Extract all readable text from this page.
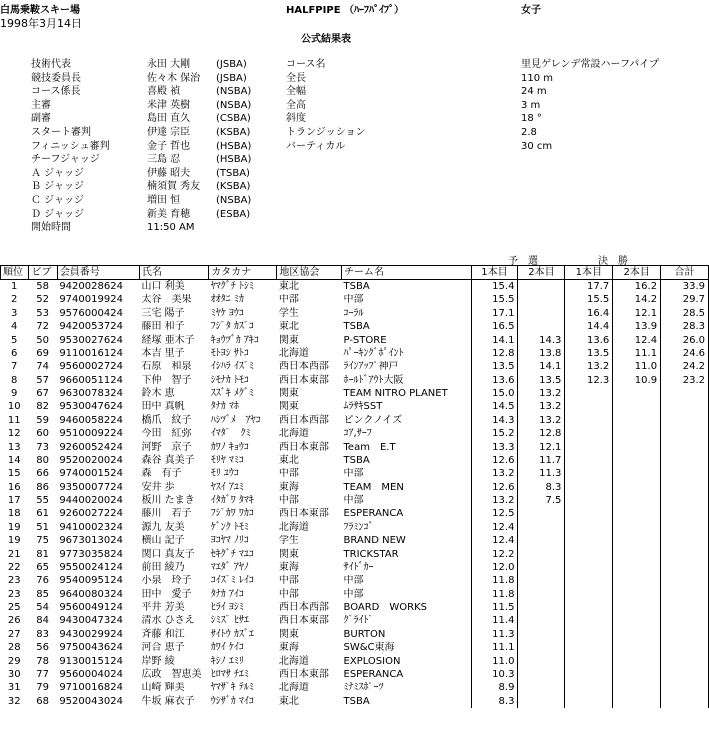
白馬乗鞍スキー場
1998年3月14日
HALFPIPE （ﾊｰﾌﾊﾟｲﾌﾟ）	女子
公式結果表
技術代表	永田 大剛	(JSBA)
競技委員長	佐々木 保治 (JSBA)
コース係長	喜殿 禎	(NSBA)
主審	米津 英樹	(NSBA)
副審	島田 直久	(CSBA)
スタート審判	伊達 宗臣	(KSBA)
フィニッシュ審判	金子 哲也	(HSBA)
チーフジャッジ	三島 忍	(HSBA)
Ａ ジャッジ	伊藤 昭夫	(TSBA)
Ｂ ジャッジ	楠須賀 秀友 (KSBA)
Ｃ ジャッジ	増田 恒	(NSBA)
Ｄ ジャッジ	新美 育穂	(ESBA)
開始時間	11:50 AM
コース名	里見ゲレンデ常設ハーフパイプ
全長	110 m
全幅	24 m
全高	3 m
斜度	18 °
トランジッション	2.8
バーティカル	30 cm
予　選	決　勝
順位	ビブ	会員番号	氏名	カタカナ	地区協会	チーム名	1本目	2本目	1本目	2本目	合計
1	58	9420028624	山口 利美	ﾔﾏｸﾞﾁ ﾄｼﾐ	東北	TSBA	15.4		17.7	16.2	33.9
2	52	9740019924	太谷　美果	ｵｵﾀﾆ ﾐｶ	中部	中部	15.5		15.5	14.2	29.7
3	53	9576000424	三宅 陽子	ﾐﾔｹ ﾖｳｺ	学生	ｺｰﾗﾙ	17.1		16.4	12.1	28.5
4	72	9420053724	藤田 和子	ﾌｼﾞﾀ ｶｽﾞｺ	東北	TSBA	16.5		14.4	13.9	28.3
5	50	9530027624	経塚 亜木子	ｷｮｳﾂﾞｶ ｱｷｺ	関東	P-STORE	14.1	14.3	13.6	12.4	26.0
6	69	9110016124	本吉 里子	ﾓﾄﾖｼ ｻﾄｺ	北海道	ﾊﾟｰｷﾝｸﾞﾎﾟｲﾝﾄ	12.8	13.8	13.5	11.1	24.6
7	74	9560002724	石原　和泉	ｲｼﾊﾗ ｲｽﾞﾐ	西日本西部	ﾗｲﾝｱｯﾌﾟ神戸	13.5	14.1	13.2	11.0	24.2
8	57	9660051124	下仲　智子	ｼﾓﾅｶ ﾄﾓｺ	西日本東部	ﾎｰﾙﾄﾞｱｳﾄ大阪	13.6	13.5	12.3	10.9	23.2
9	67	9630078324	鈴木 恵	ｽｽﾞｷ ﾒｸﾞﾐ	関東	TEAM NITRO PLANET	15.0	13.2			
10	82	9530047624	田中 真帆	ﾀﾅｶ ﾏﾎ	関東	ﾑﾗｻｷSST	14.5	13.2			
11	59	9460058224	橋爪　紋子	ﾊｼﾂﾞﾒ　ｱﾔｺ	西日本西部	ピンクノイズ	14.3	13.2			
12	60	9510009224	今田　紅弥	ｲﾏﾀﾞ　ｸﾐ	北海道	ｺｱ,ｻｰﾌ	15.2	12.8			
13	73	9260052424	河野　京子	ｶﾜﾉ ｷｮｳｺ	西日本東部	Team　E.T	13.3	12.1			
14	80	9520020024	森谷 真美子	ﾓﾘﾔ ﾏﾐｺ	東北	TSBA	12.6	11.7			
15	66	9740001524	森　有子	ﾓﾘ ﾕｳｺ	中部	中部	13.2	11.3			
16	86	9350007724	安井 歩	ﾔｽｲ ｱﾕﾐ	東海	TEAM　MEN	12.6	8.3			
17	55	9440020024	板川 たまき	ｲﾀｶﾞﾜ ﾀﾏｷ	中部	中部	13.2	7.5			
18	61	9260027224	藤川　若子	ﾌｼﾞｶﾜ ﾜｶｺ	西日本東部	ESPERANCA	12.5				
19	51	9410002324	源九 友美	ｹﾞﾝｸ ﾄﾓﾐ	北海道	ﾌﾗﾐﾝｺﾞ	12.4				
19	75	9673013024	横山 記子	ﾖｺﾔﾏ ﾉﾘｺ	学生	BRAND NEW	12.4				
21	81	9773035824	関口 真友子	ｾｷｸﾞﾁ ﾏﾕｺ	関東	TRICKSTAR	12.2				
22	65	9550024124	前田 綾乃	ﾏｴﾀﾞ ｱﾔﾉ	東海	ｻｲﾄﾞｶｰ	12.0				
23	76	9540095124	小泉　玲子	ｺｲｽﾞﾐ ﾚｲｺ	中部	中部	11.8				
23	85	9640080324	田中　愛子	ﾀﾅｶ ｱｲｺ	中部	中部	11.8				
25	54	9560049124	平井 芳美	ﾋﾗｲ ﾖｼﾐ	西日本西部	BOARD　WORKS	11.5				
26	84	9430047324	清水 ひさえ	ｼﾐｽﾞ ﾋｻｴ	西日本東部	ｸﾞﾗｲﾄﾞ	11.4				
27	83	9430029924	斉藤 和江	ｻｲﾄｳ ｶｽﾞｴ	関東	BURTON	11.3				
28	56	9750043624	河合 恵子	ｶﾜｲ ｹｲｺ	東海	SW&C東海	11.1				
29	78	9130015124	岸野 綾	ｷｼﾉ ｴﾐﾘ	北海道	EXPLOSION	11.0				
30	77	9560004024	広政　智恵美	ﾋﾛﾏｻ ﾁｴﾐ	西日本東部	ESPERANCA	10.3				
31	79	9710016824	山崎 輝美	ﾔﾏｻﾞｷ ﾃﾙﾐ	北海道	ﾐﾅﾐｽﾎﾟｰﾂ	8.9				
32	68	9520043024	牛坂 麻衣子	ｳｼｻﾞｶ ﾏｲｺ	東北	TSBA	8.3				
